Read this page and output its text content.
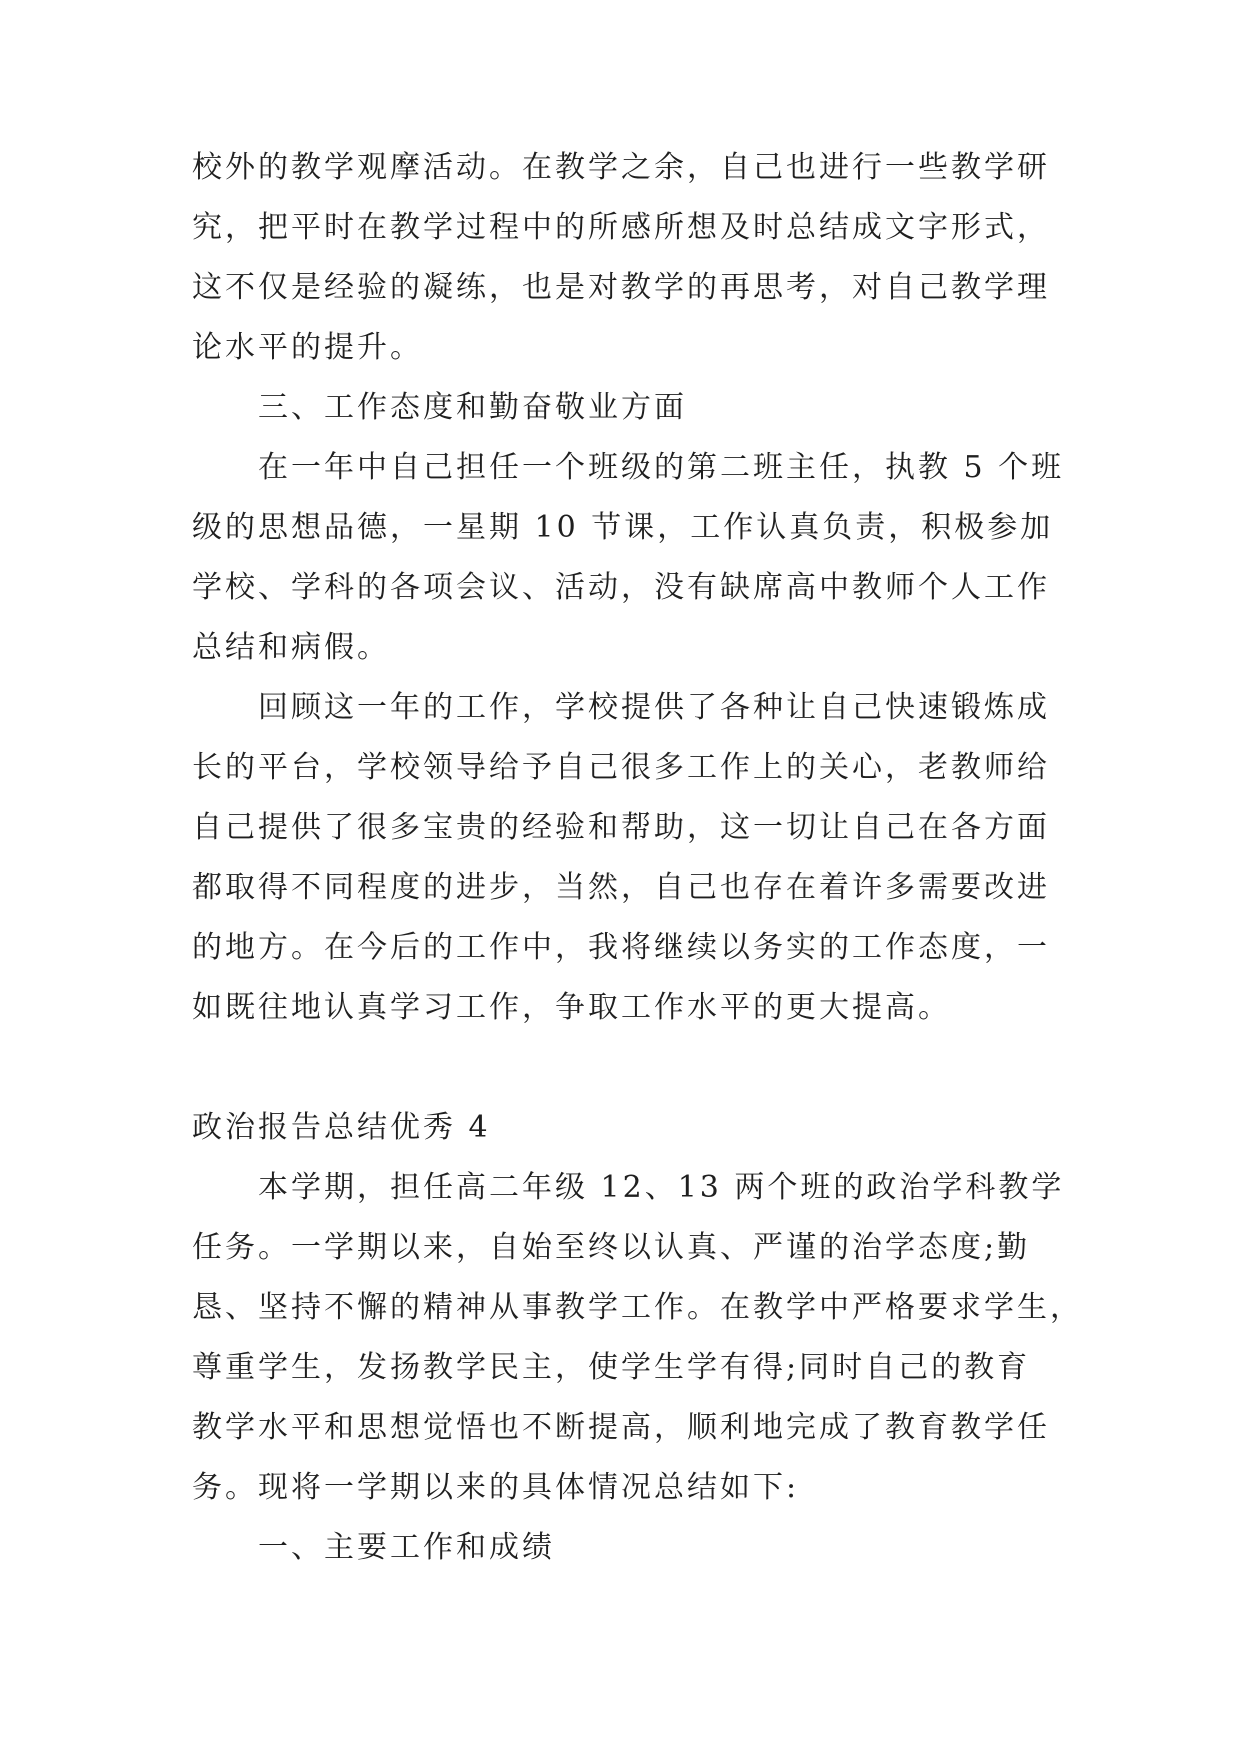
校外的教学观摩活动。在教学之余，自己也进行一些教学研
究，把平时在教学过程中的所感所想及时总结成文字形式，
这不仅是经验的凝练，也是对教学的再思考，对自己教学理
论水平的提升。
三、工作态度和勤奋敬业方面
在一年中自己担任一个班级的第二班主任，执教 5 个班
级的思想品德，一星期 10 节课，工作认真负责，积极参加
学校、学科的各项会议、活动，没有缺席高中教师个人工作
总结和病假。
回顾这一年的工作，学校提供了各种让自己快速锻炼成
长的平台，学校领导给予自己很多工作上的关心，老教师给
自己提供了很多宝贵的经验和帮助，这一切让自己在各方面
都取得不同程度的进步，当然，自己也存在着许多需要改进
的地方。在今后的工作中，我将继续以务实的工作态度，一
如既往地认真学习工作，争取工作水平的更大提高。
政治报告总结优秀 4
本学期，担任高二年级 12、13 两个班的政治学科教学
任务。一学期以来，自始至终以认真、严谨的治学态度;勤
恳、坚持不懈的精神从事教学工作。在教学中严格要求学生，
尊重学生，发扬教学民主，使学生学有得;同时自己的教育
教学水平和思想觉悟也不断提高，顺利地完成了教育教学任
务。现将一学期以来的具体情况总结如下:
一、主要工作和成绩
